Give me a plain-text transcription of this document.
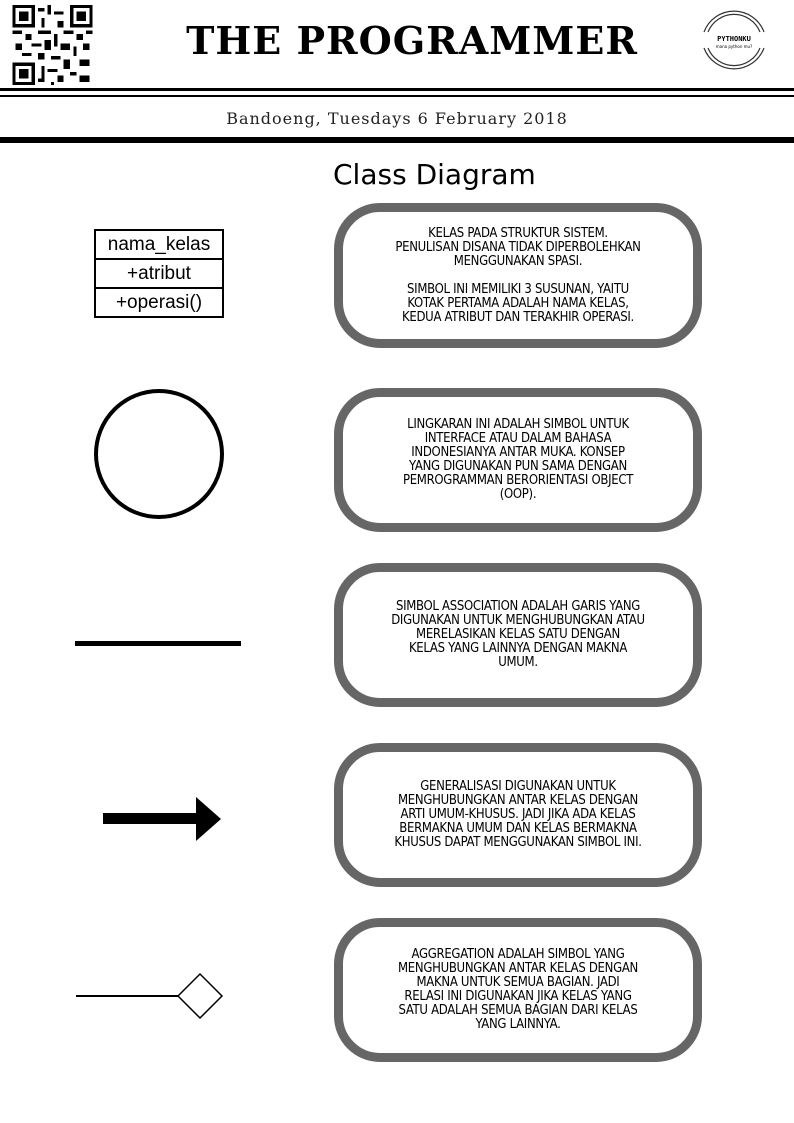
THE PROGRAMMER	PYTHONKU
mana python mu?
Bandoeng, Tuesdays 6 February 2018
Class Diagram
nama_kelas
+atribut
+operasi()
KELAS PADA STRUKTUR SISTEM.
PENULISAN DISANA TIDAK DIPERBOLEHKAN
MENGGUNAKAN SPASI.

SIMBOL INI MEMILIKI 3 SUSUNAN, YAITU
KOTAK PERTAMA ADALAH NAMA KELAS,
KEDUA ATRIBUT DAN TERAKHIR OPERASI.
LINGKARAN INI ADALAH SIMBOL UNTUK
INTERFACE ATAU DALAM BAHASA
INDONESIANYA ANTAR MUKA. KONSEP
YANG DIGUNAKAN PUN SAMA DENGAN
PEMROGRAMMAN BERORIENTASI OBJECT
(OOP).
SIMBOL ASSOCIATION ADALAH GARIS YANG
DIGUNAKAN UNTUK MENGHUBUNGKAN ATAU
MERELASIKAN KELAS SATU DENGAN
KELAS YANG LAINNYA DENGAN MAKNA
UMUM.
GENERALISASI DIGUNAKAN UNTUK
MENGHUBUNGKAN ANTAR KELAS DENGAN
ARTI UMUM-KHUSUS. JADI JIKA ADA KELAS
BERMAKNA UMUM DAN KELAS BERMAKNA
KHUSUS DAPAT MENGGUNAKAN SIMBOL INI.
AGGREGATION ADALAH SIMBOL YANG
MENGHUBUNGKAN ANTAR KELAS DENGAN
MAKNA UNTUK SEMUA BAGIAN. JADI
RELASI INI DIGUNAKAN JIKA KELAS YANG
SATU ADALAH SEMUA BAGIAN DARI KELAS
YANG LAINNYA.
